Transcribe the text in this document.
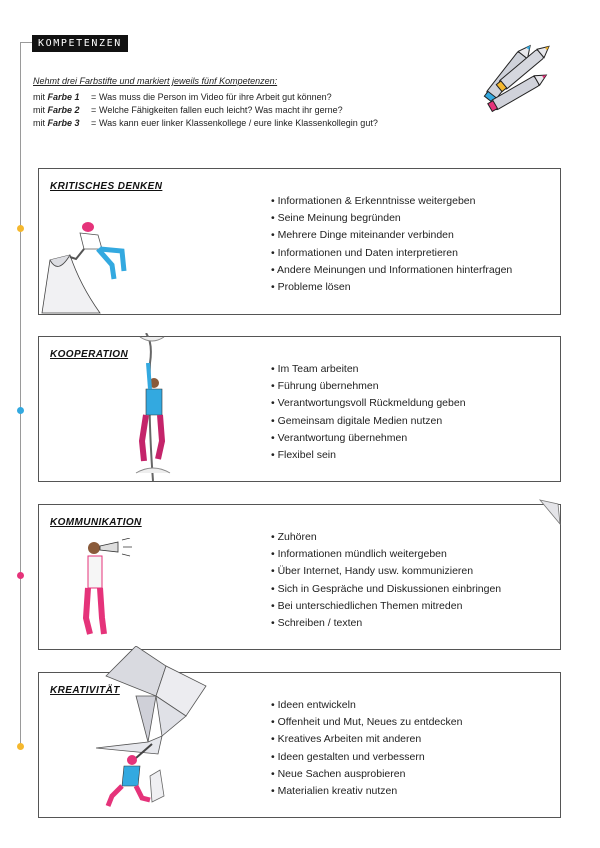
KOMPETENZEN
Nehmt drei Farbstifte und markiert jeweils fünf Kompetenzen:
mit Farbe 1 = Was muss die Person im Video für ihre Arbeit gut können?
mit Farbe 2 = Welche Fähigkeiten fallen euch leicht? Was macht ihr gerne?
mit Farbe 3 = Was kann euer linker Klassenkollege / eure linke Klassenkollegin gut?
KRITISCHES DENKEN
• Informationen & Erkenntnisse weitergeben
• Seine Meinung begründen
• Mehrere Dinge miteinander verbinden
• Informationen und Daten interpretieren
• Andere Meinungen und Informationen hinterfragen
• Probleme lösen
KOOPERATION
• Im Team arbeiten
• Führung übernehmen
• Verantwortungsvoll Rückmeldung geben
• Gemeinsam digitale Medien nutzen
• Verantwortung übernehmen
• Flexibel sein
KOMMUNIKATION
• Zuhören
• Informationen mündlich weitergeben
• Über Internet, Handy usw. kommunizieren
• Sich in Gespräche und Diskussionen einbringen
• Bei unterschiedlichen Themen mitreden
• Schreiben / texten
KREATIVITÄT
• Ideen entwickeln
• Offenheit und Mut, Neues zu entdecken
• Kreatives Arbeiten mit anderen
• Ideen gestalten und verbessern
• Neue Sachen ausprobieren
• Materialien kreativ nutzen
